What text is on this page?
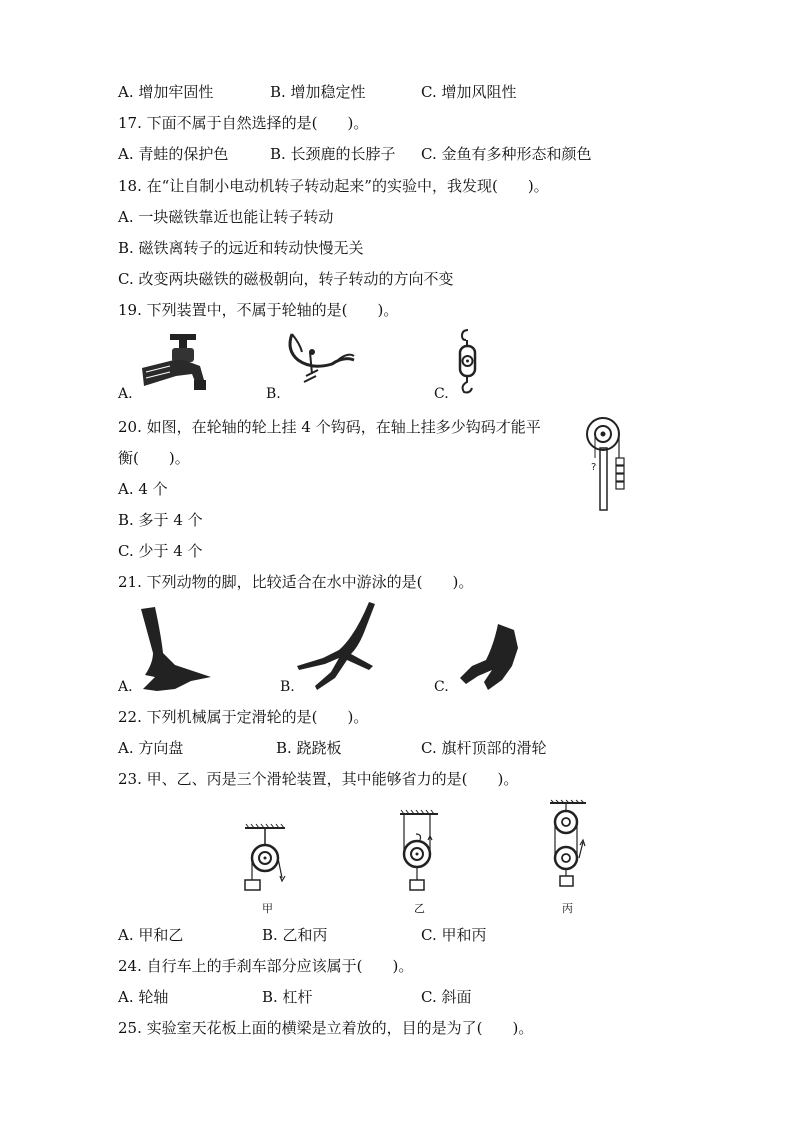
A. 增加牢固性	B. 增加稳定性	C. 增加风阻性
17. 下面不属于自然选择的是(　　)。
A. 青蛙的保护色	B. 长颈鹿的长脖子 C. 金鱼有多种形态和颜色
18. 在“让自制小电动机转子转动起来”的实验中，我发现(　　)。
A. 一块磁铁靠近也能让转子转动
B. 磁铁离转子的远近和转动快慢无关
C. 改变两块磁铁的磁极朝向，转子转动的方向不变
19. 下列装置中，不属于轮轴的是(　　)。
A.	B.	C.
20. 如图，在轮轴的轮上挂 4 个钩码，在轴上挂多少钩码才能平
衡(　　)。
A. 4 个
B. 多于 4 个
C. 少于 4 个
?
21. 下列动物的脚，比较适合在水中游泳的是(　　)。
A.	B.	C.
22. 下列机械属于定滑轮的是(　　)。
A. 方向盘	B. 跷跷板	C. 旗杆顶部的滑轮
23. 甲、乙、丙是三个滑轮装置，其中能够省力的是(　　)。
甲	乙	丙
A. 甲和乙	B. 乙和丙	C. 甲和丙
24. 自行车上的手刹车部分应该属于(　　)。
A. 轮轴	B. 杠杆	C. 斜面
25. 实验室天花板上面的横梁是立着放的，目的是为了(　　)。
